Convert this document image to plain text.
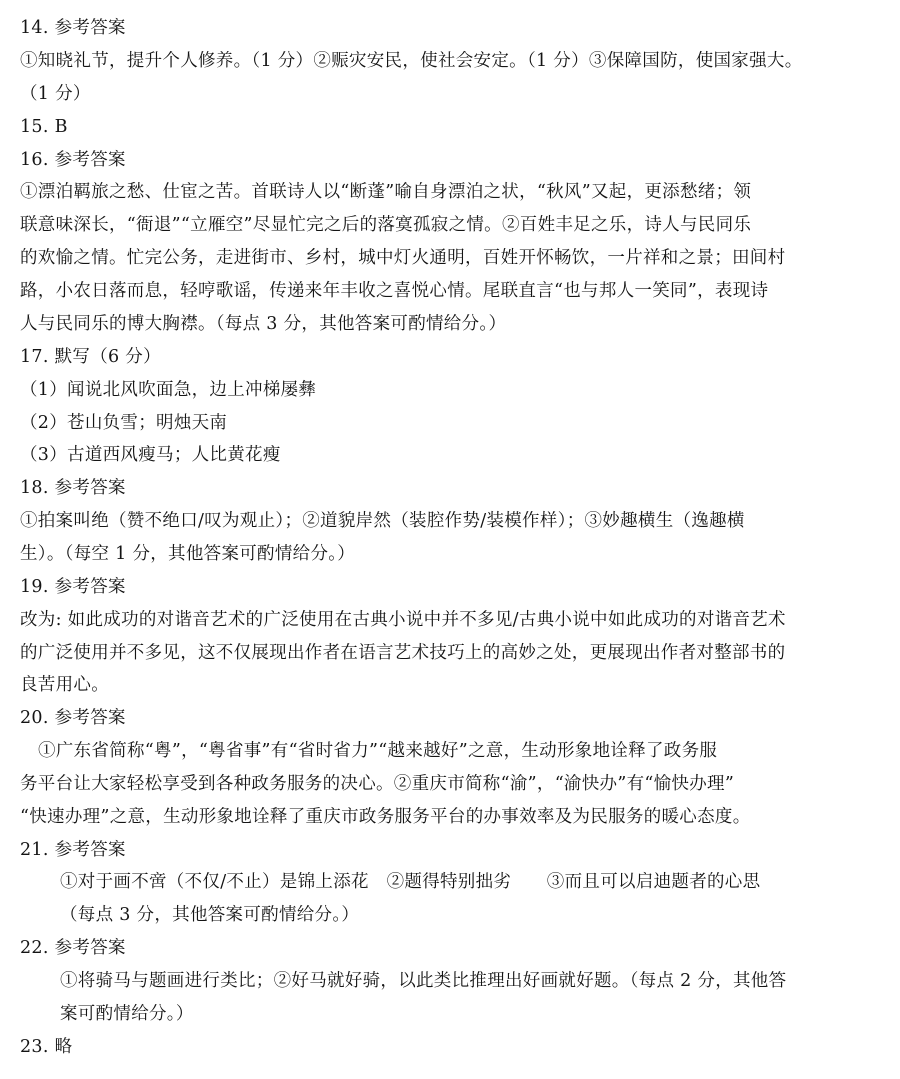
14. 参考答案
①知晓礼节，提升个人修养。（1 分）②赈灾安民，使社会安定。（1 分）③保障国防，使国家强大。
（1 分）
15. B
16. 参考答案
①漂泊羁旅之愁、仕宦之苦。首联诗人以“断蓬”喻自身漂泊之状，“秋风”又起，更添愁绪；领
联意味深长，“衙退”“立雁空”尽显忙完之后的落寞孤寂之情。②百姓丰足之乐，诗人与民同乐
的欢愉之情。忙完公务，走进街市、乡村，城中灯火通明，百姓开怀畅饮，一片祥和之景；田间村
路，小农日落而息，轻哼歌谣，传递来年丰收之喜悦心情。尾联直言“也与邦人一笑同”，表现诗
人与民同乐的博大胸襟。（每点 3 分，其他答案可酌情给分。）
17. 默写（6 分）
（1）闻说北风吹面急，边上冲梯屡彝
（2）苍山负雪；明烛天南
（3）古道西风瘦马；人比黄花瘦
18. 参考答案
①拍案叫绝（赞不绝口/叹为观止）；②道貌岸然（装腔作势/装模作样）；③妙趣横生（逸趣横
生）。（每空 1 分，其他答案可酌情给分。）
19. 参考答案
改为: 如此成功的对谐音艺术的广泛使用在古典小说中并不多见/古典小说中如此成功的对谐音艺术
的广泛使用并不多见，这不仅展现出作者在语言艺术技巧上的高妙之处，更展现出作者对整部书的
良苦用心。
20. 参考答案
①广东省简称“粤”，“粤省事”有“省时省力”“越来越好”之意，生动形象地诠释了政务服
务平台让大家轻松享受到各种政务服务的决心。②重庆市简称“渝”，“渝快办”有“愉快办理”
“快速办理”之意，生动形象地诠释了重庆市政务服务平台的办事效率及为民服务的暖心态度。
21. 参考答案
①对于画不啻（不仅/不止）是锦上添花　②题得特别拙劣　　③而且可以启迪题者的心思
（每点 3 分，其他答案可酌情给分。）
22. 参考答案
①将骑马与题画进行类比；②好马就好骑，以此类比推理出好画就好题。（每点 2 分，其他答
案可酌情给分。）
23. 略
